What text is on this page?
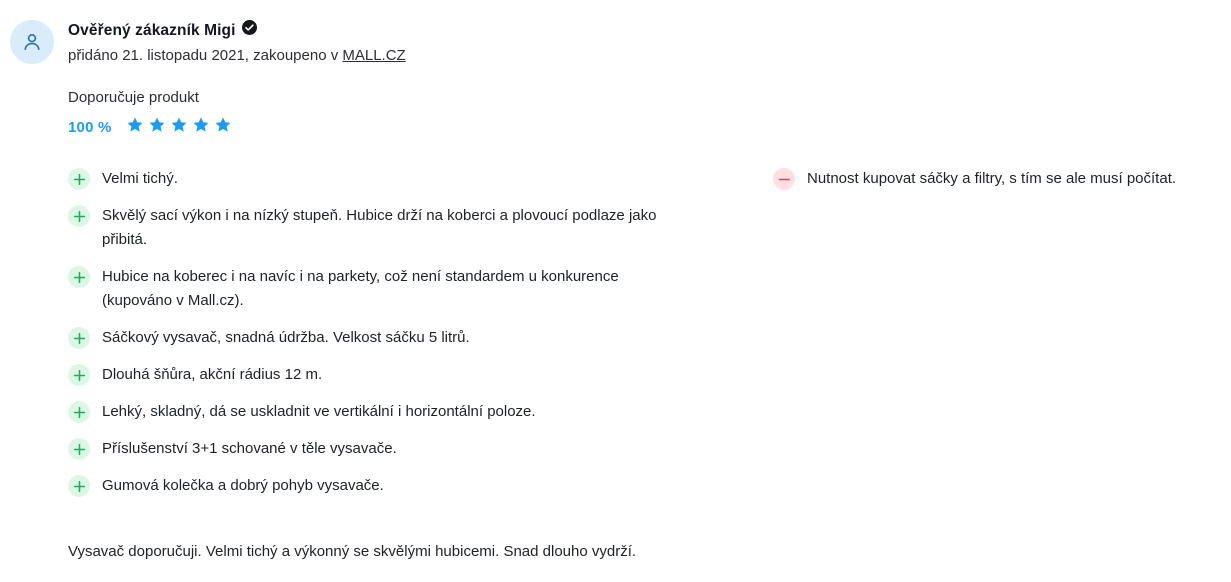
Ověřený zákazník Migi
přidáno 21. listopadu 2021, zakoupeno v MALL.CZ
Doporučuje produkt
100 %
Velmi tichý.
Skvělý sací výkon i na nízký stupeň. Hubice drží na koberci a plovoucí podlaze jako přibitá.
Hubice na koberec i na navíc i na parkety, což není standardem u konkurence (kupováno v Mall.cz).
Sáčkový vysavač, snadná údržba. Velkost sáčku 5 litrů.
Dlouhá šňůra, akční rádius 12 m.
Lehký, skladný, dá se uskladnit ve vertikální i horizontální poloze.
Příslušenství 3+1 schované v těle vysavače.
Gumová kolečka a dobrý pohyb vysavače.
Nutnost kupovat sáčky a filtry, s tím se ale musí počítat.
Vysavač doporučuji. Velmi tichý a výkonný se skvělými hubicemi. Snad dlouho vydrží.
